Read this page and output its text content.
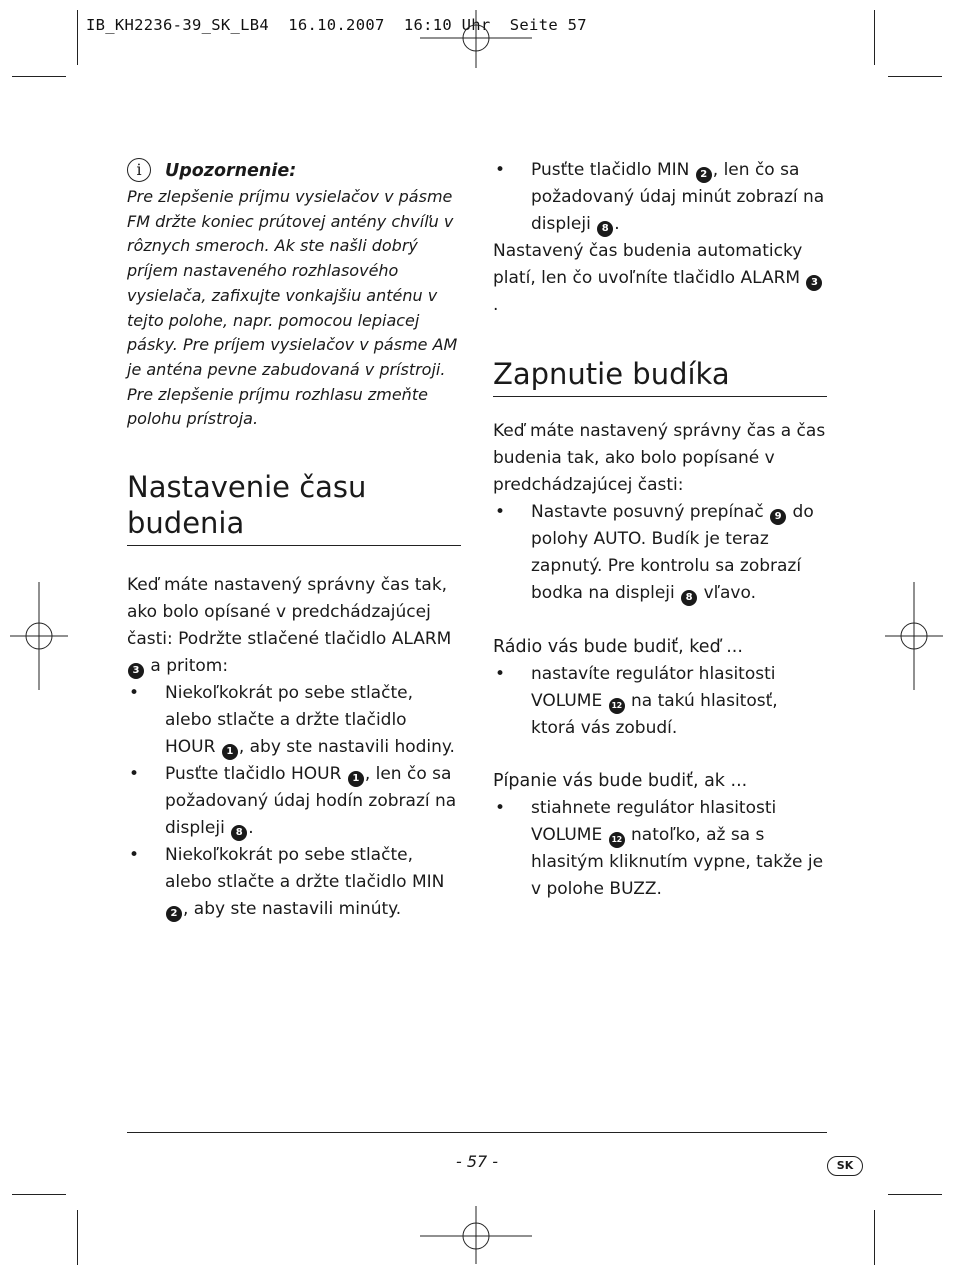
IB_KH2236-39_SK_LB4  16.10.2007  16:10 Uhr  Seite 57
i	Upozornenie:

Pre zlepšenie príjmu vysielačov v pásme FM držte koniec prútovej antény chvíľu v rôznych smeroch. Ak ste našli dobrý príjem nastaveného rozhlasového vysielača, zafixujte vonkajšiu anténu v tejto polohe, napr. pomocou lepiacej pásky. Pre príjem vysielačov v pásme AM je anténa pevne zabudovaná v prístroji. Pre zlepšenie príjmu rozhlasu zmeňte polohu prístroja.

Nastavenie času budenia

Keď máte nastavený správny čas tak, ako bolo opísané v predchádzajúcej časti: Podržte stlačené tlačidlo ALARM 3 a pritom:

• Niekoľkokrát po sebe stlačte, alebo stlačte a držte tlačidlo HOUR 1 , aby ste nastavili hodiny.
• Pusťte tlačidlo HOUR 1 , len čo sa požadovaný údaj hodín zobrazí na displeji 8 .
• Niekoľkokrát po sebe stlačte, alebo stlačte a držte tlačidlo MIN 2 , aby ste nastavili minúty.
• Pusťte tlačidlo MIN 2 , len čo sa požadovaný údaj minút zobrazí na displeji 8 .

Nastavený čas budenia automaticky platí, len čo uvoľníte tlačidlo ALARM 3.

Zapnutie budíka

Keď máte nastavený správny čas a čas budenia tak, ako bolo popísané v predchádzajúcej časti:

• Nastavte posuvný prepínač 9 do polohy AUTO. Budík je teraz zapnutý. Pre kontrolu sa zobrazí bodka na displeji 8 vľavo.
Rádio vás bude budiť, keď ...
• nastavíte regulátor hlasitosti VOLUME 12 na takú hlasitosť, ktorá vás zobudí.
Pípanie vás bude budiť, ak ...
• stiahnete regulátor hlasitosti VOLUME 12 natoľko, až sa s hlasitým kliknutím vypne, takže je v polohe BUZZ.
- 57 -	SK
